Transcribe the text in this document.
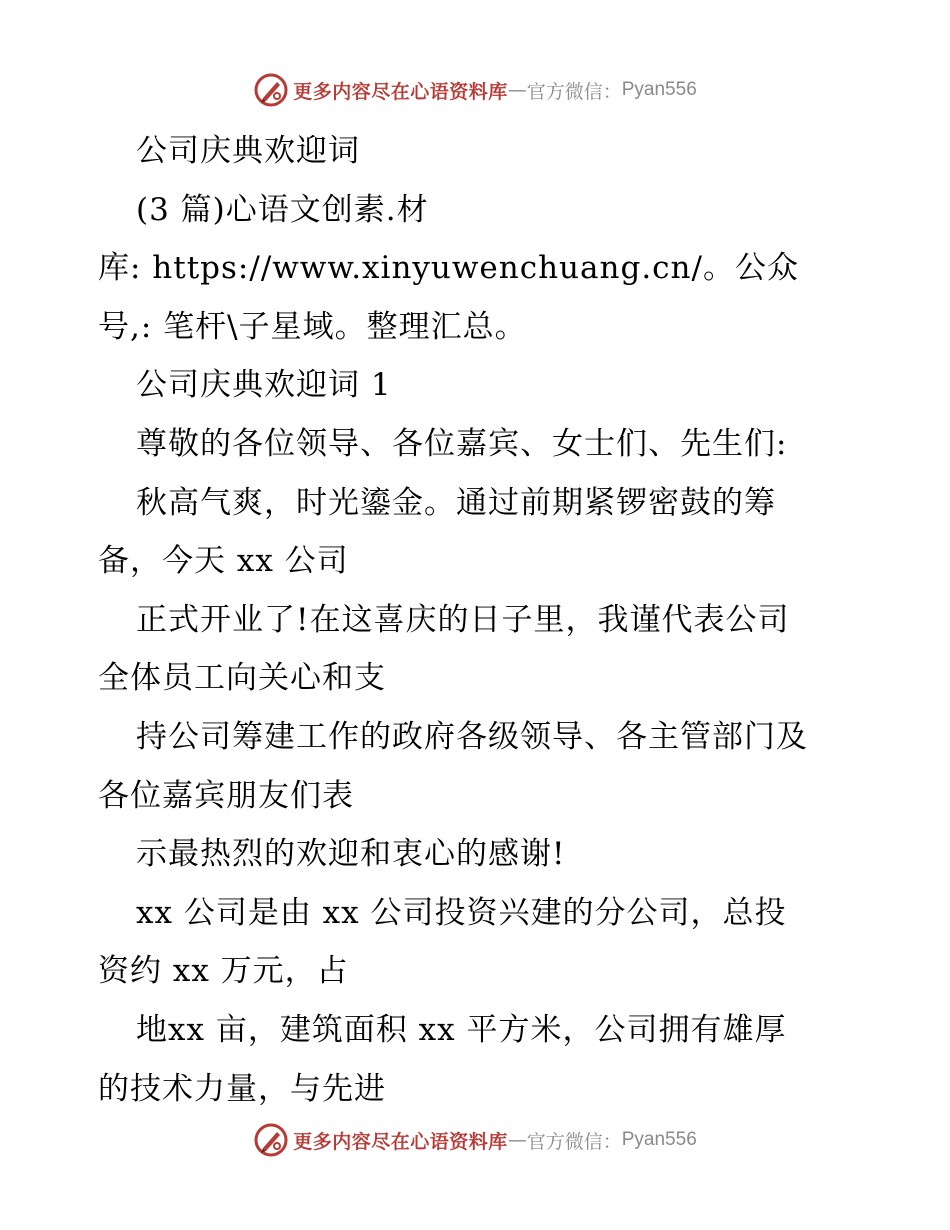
更多内容尽在心语资料库 — 官方微信： Pyan556
公司庆典欢迎词
(3 篇)心语文创素.材
库: https://www.xinyuwenchuang.cn/。公众
号,: 笔杆\子星域。整理汇总。
公司庆典欢迎词 1
尊敬的各位领导、各位嘉宾、女士们、先生们:
秋高气爽，时光鎏金。通过前期紧锣密鼓的筹
备，今天 xx 公司
正式开业了!在这喜庆的日子里，我谨代表公司
全体员工向关心和支
持公司筹建工作的政府各级领导、各主管部门及
各位嘉宾朋友们表
示最热烈的欢迎和衷心的感谢!
xx 公司是由 xx 公司投资兴建的分公司，总投
资约 xx 万元，占
地xx 亩，建筑面积 xx 平方米，公司拥有雄厚
的技术力量，与先进
更多内容尽在心语资料库 — 官方微信： Pyan556
